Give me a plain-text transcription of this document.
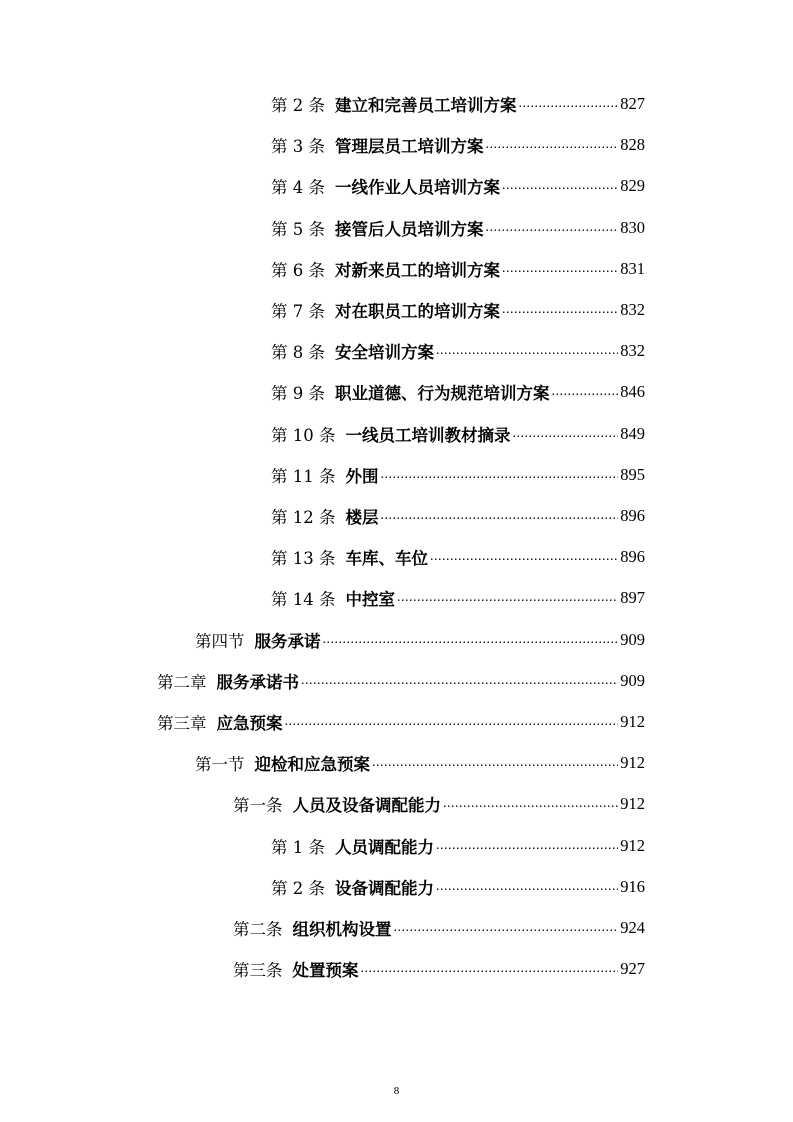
第 2 条 建立和完善员工培训方案 .....	827
第 3 条 管理层员工培训方案 .....	828
第 4 条 一线作业人员培训方案 .....	829
第 5 条 接管后人员培训方案 .....	830
第 6 条 对新来员工的培训方案 .....	831
第 7 条 对在职员工的培训方案 .....	832
第 8 条 安全培训方案 .....	832
第 9 条 职业道德、行为规范培训方案 .....	846
第 10 条 一线员工培训教材摘录 .....	849
第 11 条 外围 .....	895
第 12 条 楼层 .....	896
第 13 条 车库、车位 .....	896
第 14 条 中控室 .....	897
第四节 服务承诺 .....	909
第二章 服务承诺书 .....	909
第三章 应急预案 .....	912
第一节 迎检和应急预案 .....	912
第一条 人员及设备调配能力 .....	912
第 1 条 人员调配能力 .....	912
第 2 条 设备调配能力 .....	916
第二条 组织机构设置 .....	924
第三条 处置预案 .....	927
8
